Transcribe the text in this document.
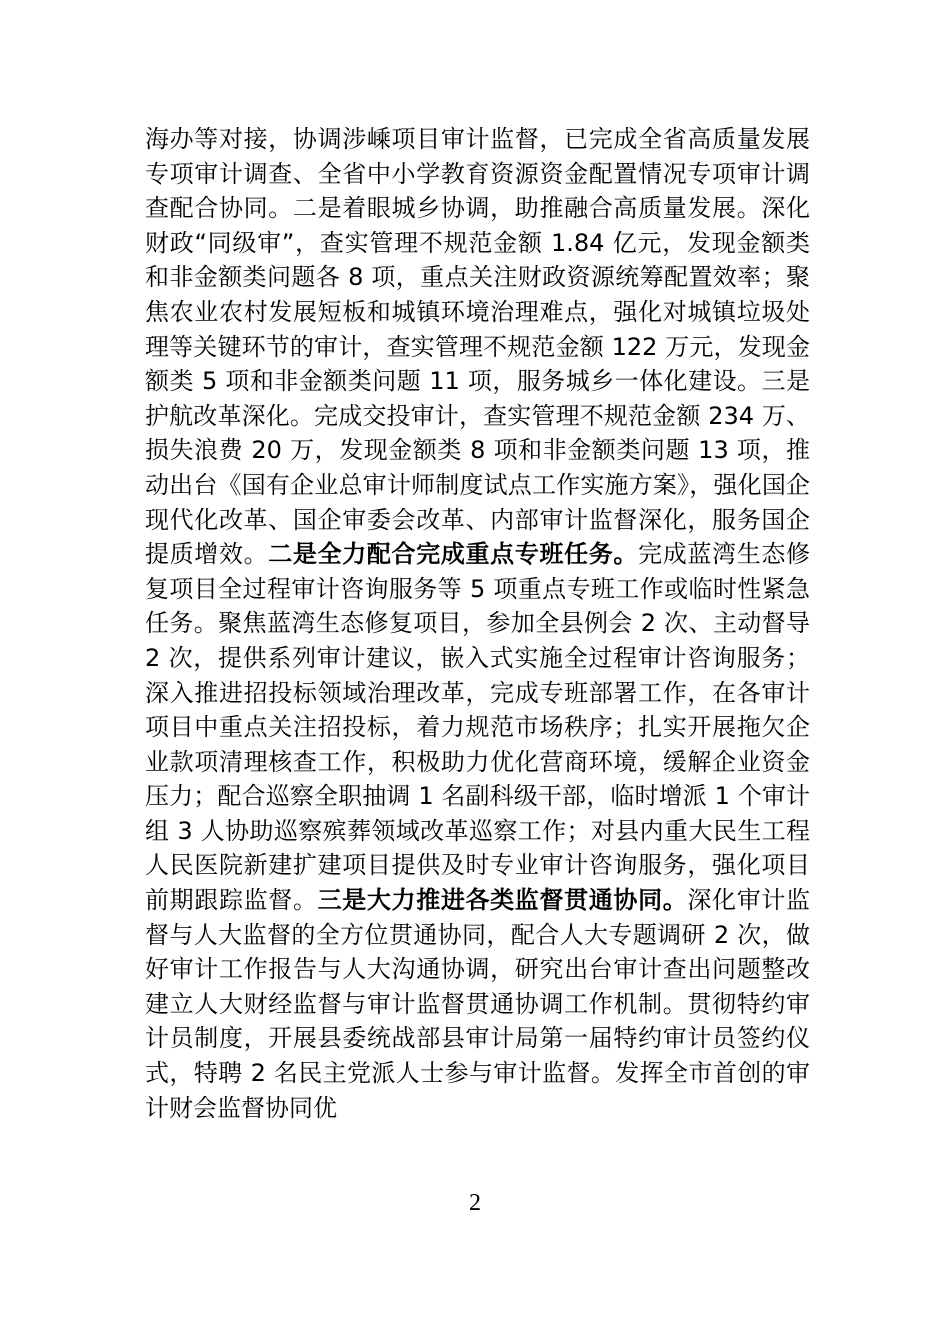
海办等对接，协调涉嵊项目审计监督，已完成全省高质量发展专项审计调查、全省中小学教育资源资金配置情况专项审计调查配合协同。二是着眼城乡协调，助推融合高质量发展。深化财政“同级审”，查实管理不规范金额 1.84 亿元，发现金额类和非金额类问题各 8 项，重点关注财政资源统筹配置效率；聚焦农业农村发展短板和城镇环境治理难点，强化对城镇垃圾处理等关键环节的审计，查实管理不规范金额 122 万元，发现金额类 5 项和非金额类问题 11 项，服务城乡一体化建设。三是护航改革深化。完成交投审计，查实管理不规范金额 234 万、损失浪费 20 万，发现金额类 8 项和非金额类问题 13 项，推动出台《国有企业总审计师制度试点工作实施方案》，强化国企现代化改革、国企审委会改革、内部审计监督深化，服务国企提质增效。二是全力配合完成重点专班任务。完成蓝湾生态修复项目全过程审计咨询服务等 5 项重点专班工作或临时性紧急任务。聚焦蓝湾生态修复项目，参加全县例会 2 次、主动督导 2 次，提供系列审计建议，嵌入式实施全过程审计咨询服务；深入推进招投标领域治理改革，完成专班部署工作，在各审计项目中重点关注招投标，着力规范市场秩序；扎实开展拖欠企业款项清理核查工作，积极助力优化营商环境，缓解企业资金压力；配合巡察全职抽调 1 名副科级干部，临时增派 1 个审计组 3 人协助巡察殡葬领域改革巡察工作；对县内重大民生工程人民医院新建扩建项目提供及时专业审计咨询服务，强化项目前期跟踪监督。三是大力推进各类监督贯通协同。深化审计监督与人大监督的全方位贯通协同，配合人大专题调研 2 次，做好审计工作报告与人大沟通协调，研究出台审计查出问题整改建立人大财经监督与审计监督贯通协调工作机制。贯彻特约审计员制度，开展县委统战部县审计局第一届特约审计员签约仪式，特聘 2 名民主党派人士参与审计监督。发挥全市首创的审计财会监督协同优

2
